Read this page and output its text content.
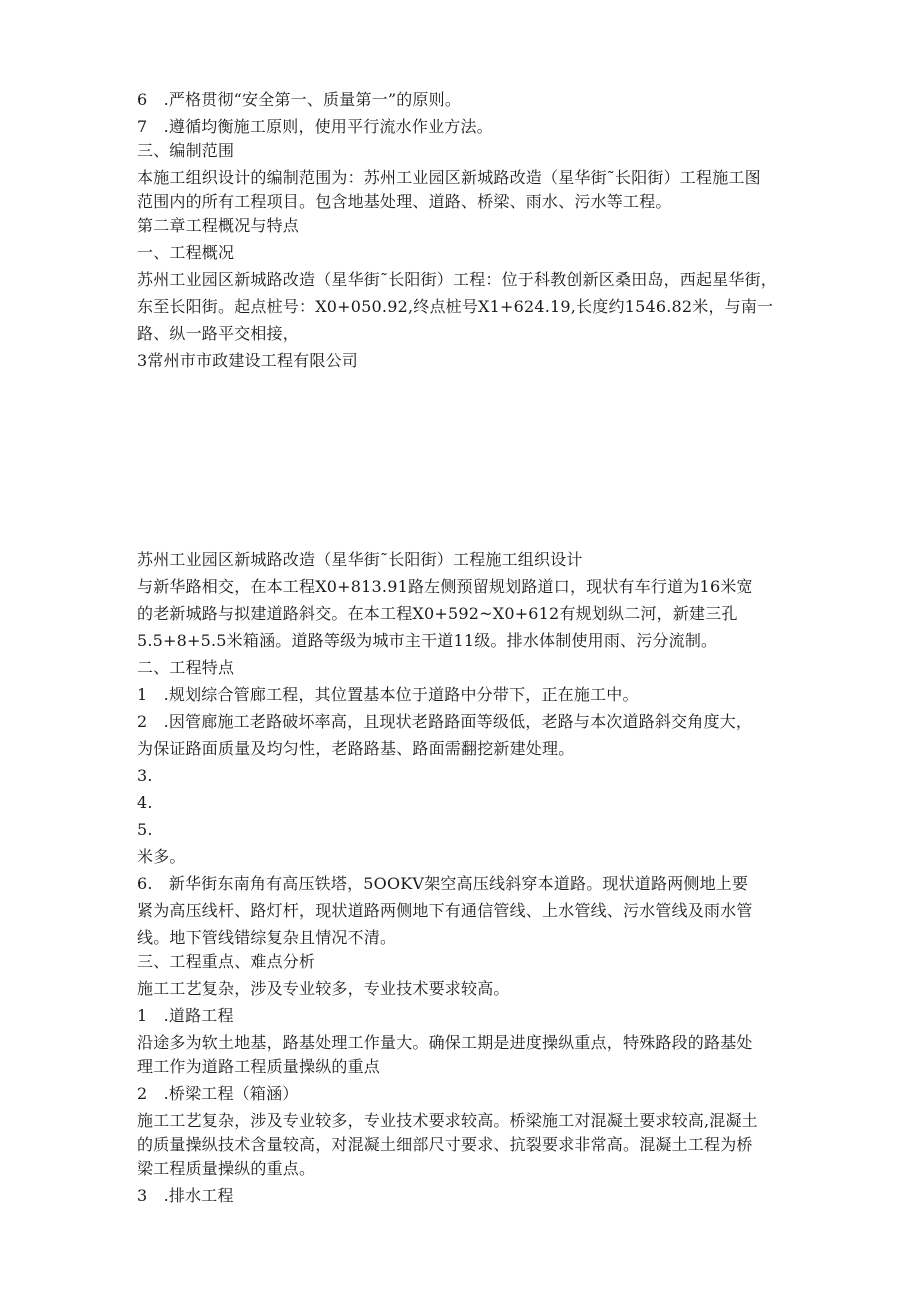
6　.严格贯彻“安全第一、质量第一”的原则。
7　.遵循均衡施工原则，使用平行流水作业方法。
三、编制范围
本施工组织设计的编制范围为：苏州工业园区新城路改造（星华街˜长阳街）工程施工图
范围内的所有工程项目。包含地基处理、道路、桥梁、雨水、污水等工程。
第二章工程概况与特点
一、工程概况
苏州工业园区新城路改造（星华街˜长阳街）工程：位于科教创新区桑田岛，西起星华街，
东至长阳街。起点桩号：X0+050.92,终点桩号X1+624.19,长度约1546.82米，与南一
路、纵一路平交相接，
3常州市市政建设工程有限公司
苏州工业园区新城路改造（星华街˜长阳街）工程施工组织设计
与新华路相交，在本工程X0+813.91路左侧预留规划路道口，现状有车行道为16米宽
的老新城路与拟建道路斜交。在本工程X0+592~X0+612有规划纵二河，新建三孔
5.5+8+5.5米箱涵。道路等级为城市主干道11级。排水体制使用雨、污分流制。
二、工程特点
1　.规划综合管廊工程，其位置基本位于道路中分带下，正在施工中。
2　.因管廊施工老路破坏率高，且现状老路路面等级低，老路与本次道路斜交角度大，
为保证路面质量及均匀性，老路路基、路面需翻挖新建处理。
3.
4.
5.
米多。
6.　新华街东南角有高压铁塔，5OOKV架空高压线斜穿本道路。现状道路两侧地上要
紧为高压线杆、路灯杆，现状道路两侧地下有通信管线、上水管线、污水管线及雨水管
线。地下管线错综复杂且情况不清。
三、工程重点、难点分析
施工工艺复杂，涉及专业较多，专业技术要求较高。
1　.道路工程
沿途多为软土地基，路基处理工作量大。确保工期是进度操纵重点，特殊路段的路基处
理工作为道路工程质量操纵的重点
2　.桥梁工程（箱涵）
施工工艺复杂，涉及专业较多，专业技术要求较高。桥梁施工对混凝土要求较高,混凝土
的质量操纵技术含量较高，对混凝土细部尺寸要求、抗裂要求非常高。混凝土工程为桥
梁工程质量操纵的重点。
3　.排水工程
